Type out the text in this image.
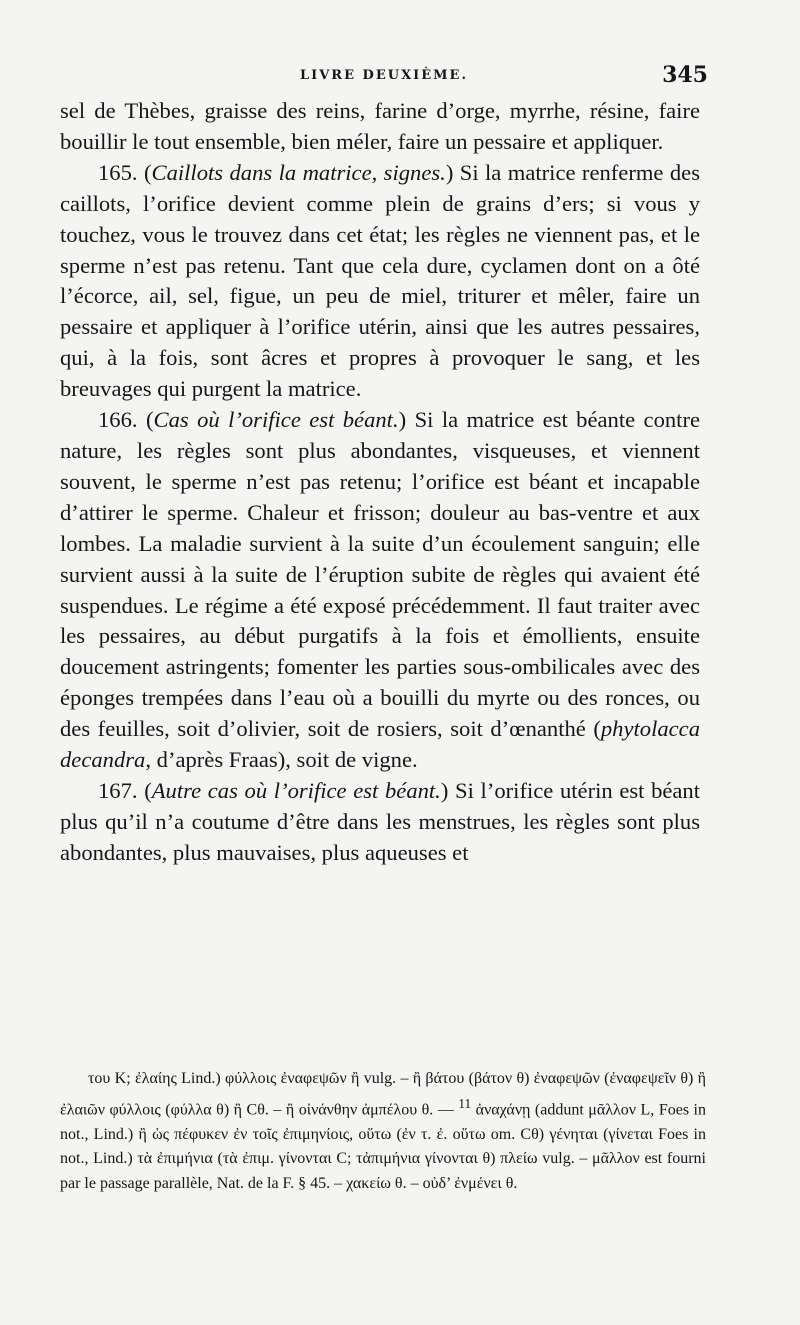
LIVRE DEUXIÈME.	345

sel de Thèbes, graisse des reins, farine d’orge, myrrhe, résine, faire bouillir le tout ensemble, bien méler, faire un pessaire et appliquer.

165. (Caillots dans la matrice, signes.) Si la matrice renferme des caillots, l’orifice devient comme plein de grains d’ers; si vous y touchez, vous le trouvez dans cet état; les règles ne viennent pas, et le sperme n’est pas retenu. Tant que cela dure, cyclamen dont on a ôté l’écorce, ail, sel, figue, un peu de miel, triturer et mêler, faire un pessaire et appliquer à l’orifice utérin, ainsi que les autres pessaires, qui, à la fois, sont âcres et propres à provoquer le sang, et les breuvages qui purgent la matrice.

166. (Cas où l’orifice est béant.) Si la matrice est béante contre nature, les règles sont plus abondantes, visqueuses, et viennent souvent, le sperme n’est pas retenu; l’orifice est béant et incapable d’attirer le sperme. Chaleur et frisson; douleur au bas-ventre et aux lombes. La maladie survient à la suite d’un écoulement sanguin; elle survient aussi à la suite de l’éruption subite de règles qui avaient été suspendues. Le régime a été exposé précédemment. Il faut traiter avec les pessaires, au début purgatifs à la fois et émollients, ensuite doucement astringents; fomenter les parties sous-ombilicales avec des éponges trempées dans l’eau où a bouilli du myrte ou des ronces, ou des feuilles, soit d’olivier, soit de rosiers, soit d’œnanthé (phytolacca decandra, d’après Fraas), soit de vigne.

167. (Autre cas où l’orifice est béant.) Si l’orifice utérin est béant plus qu’il n’a coutume d’être dans les menstrues, les règles sont plus abondantes, plus mauvaises, plus aqueuses et

του K; ἐλαίης Lind.) φύλλοις ἐναφεψῶν ἢ vulg. – ἢ βάτου (βάτον θ) ἐναφεψῶν (ἐναφεψεῖν θ) ἢ ἐλαιῶν φύλλοις (φύλλα θ) ἢ Cθ. – ἢ οἰνάνθην ἀμπέλου θ. — $^{11}$ ἀναχάνῃ (addunt μᾶλλον L, Foes in not., Lind.) ἢ ὡς πέφυκεν ἐν τοῖς ἐπιμηνίοις, οὕτω (ἐν τ. ἐ. οὕτω om. Cθ) γένηται (γίνεται Foes in not., Lind.) τὰ ἐπιμήνια (τὰ ἐπιμ. γίνονται C; τἀπιμήνια γίνονται θ) πλείω vulg. – μᾶλλον est fourni par le passage parallèle, Nat. de la F. § 45. – χακείω θ. – οὐδ’ ἐνμένει θ.
